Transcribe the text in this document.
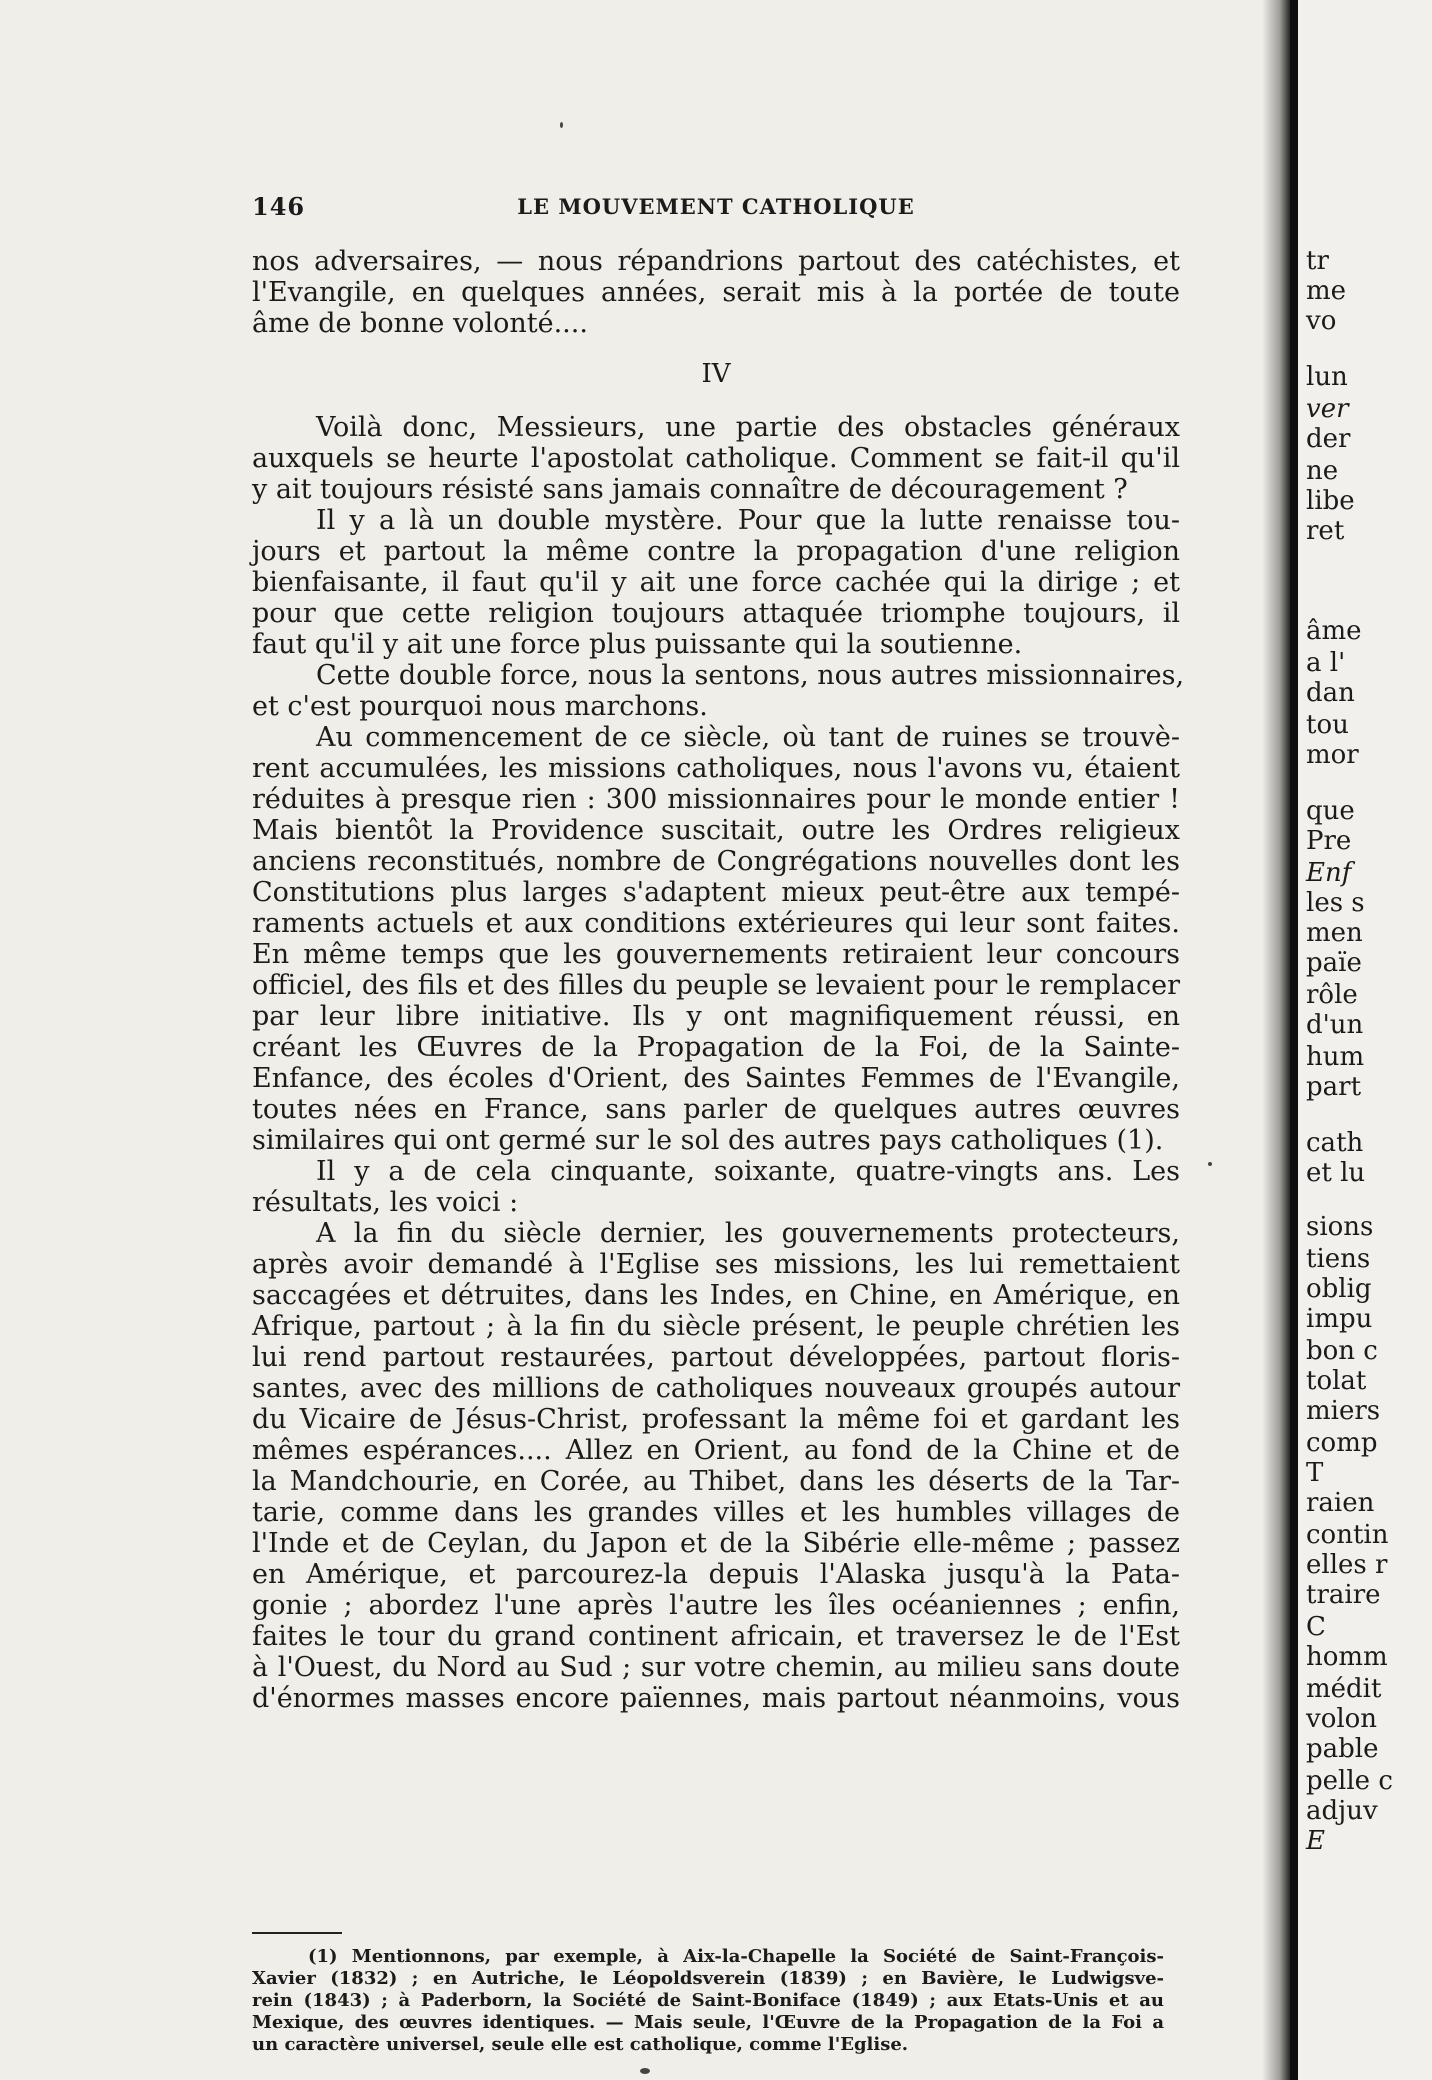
146	LE MOUVEMENT CATHOLIQUE
nos adversaires, — nous répandrions partout des catéchistes, et
l'Evangile, en quelques années, serait mis à la portée de toute
âme de bonne volonté....
IV
Voilà donc, Messieurs, une partie des obstacles généraux
auxquels se heurte l'apostolat catholique. Comment se fait-il qu'il
y ait toujours résisté sans jamais connaître de découragement ?
Il y a là un double mystère. Pour que la lutte renaisse tou-
jours et partout la même contre la propagation d'une religion
bienfaisante, il faut qu'il y ait une force cachée qui la dirige ; et
pour que cette religion toujours attaquée triomphe toujours, il
faut qu'il y ait une force plus puissante qui la soutienne.
Cette double force, nous la sentons, nous autres missionnaires,
et c'est pourquoi nous marchons.
Au commencement de ce siècle, où tant de ruines se trouvè-
rent accumulées, les missions catholiques, nous l'avons vu, étaient
réduites à presque rien : 300 missionnaires pour le monde entier !
Mais bientôt la Providence suscitait, outre les Ordres religieux
anciens reconstitués, nombre de Congrégations nouvelles dont les
Constitutions plus larges s'adaptent mieux peut-être aux tempé-
raments actuels et aux conditions extérieures qui leur sont faites.
En même temps que les gouvernements retiraient leur concours
officiel, des fils et des filles du peuple se levaient pour le remplacer
par leur libre initiative. Ils y ont magnifiquement réussi, en
créant les Œuvres de la Propagation de la Foi, de la Sainte-
Enfance, des écoles d'Orient, des Saintes Femmes de l'Evangile,
toutes nées en France, sans parler de quelques autres œuvres
similaires qui ont germé sur le sol des autres pays catholiques (1).
Il y a de cela cinquante, soixante, quatre-vingts ans. Les
résultats, les voici :
A la fin du siècle dernier, les gouvernements protecteurs,
après avoir demandé à l'Eglise ses missions, les lui remettaient
saccagées et détruites, dans les Indes, en Chine, en Amérique, en
Afrique, partout ; à la fin du siècle présent, le peuple chrétien les
lui rend partout restaurées, partout développées, partout floris-
santes, avec des millions de catholiques nouveaux groupés autour
du Vicaire de Jésus-Christ, professant la même foi et gardant les
mêmes espérances.... Allez en Orient, au fond de la Chine et de
la Mandchourie, en Corée, au Thibet, dans les déserts de la Tar-
tarie, comme dans les grandes villes et les humbles villages de
l'Inde et de Ceylan, du Japon et de la Sibérie elle-même ; passez
en Amérique, et parcourez-la depuis l'Alaska jusqu'à la Pata-
gonie ; abordez l'une après l'autre les îles océaniennes ; enfin,
faites le tour du grand continent africain, et traversez le de l'Est
à l'Ouest, du Nord au Sud ; sur votre chemin, au milieu sans doute
d'énormes masses encore païennes, mais partout néanmoins, vous
(1) Mentionnons, par exemple, à Aix-la-Chapelle la Société de Saint-François-
Xavier (1832) ; en Autriche, le Léopoldsverein (1839) ; en Bavière, le Ludwigsve-
rein (1843) ; à Paderborn, la Société de Saint-Boniface (1849) ; aux Etats-Unis et au
Mexique, des œuvres identiques. — Mais seule, l'Œuvre de la Propagation de la Foi a
un caractère universel, seule elle est catholique, comme l'Eglise.
tr
me
vo
lun
ver
der
ne
libe
ret
âme
a l'
dan
tou
mor
que
Pre
Enf
les s
men
païe
rôle
d'un
hum
part
cath
et lu
sions
tiens
oblig
impu
bon c
tolat
miers
comp
T
raien
contin
elles r
traire
C
homm
médit
volon
pable
pelle c
adjuv
E
